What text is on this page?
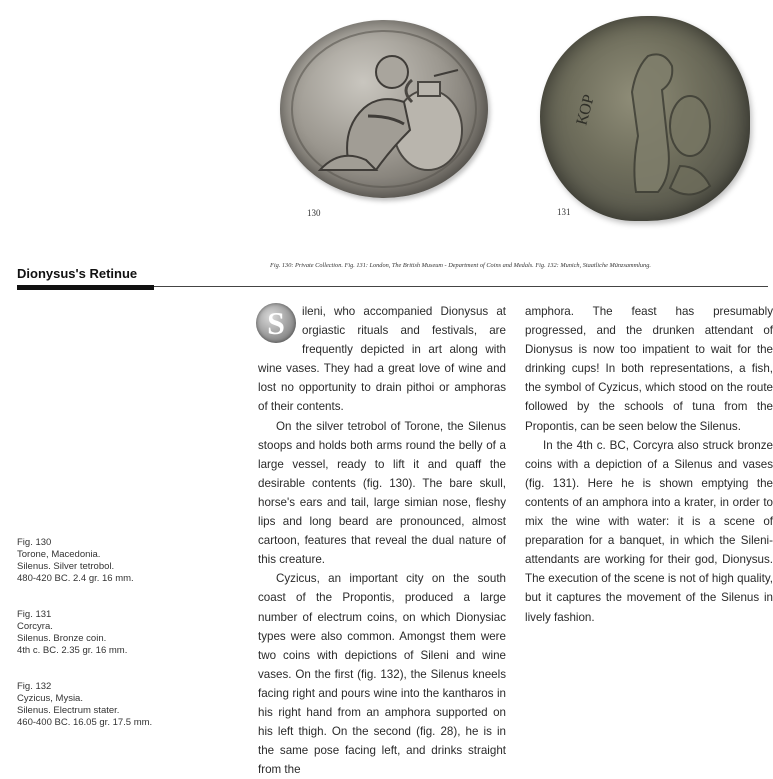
130
ΚΟΡ
131
Fig. 130: Private Collection. Fig. 131: London, The British Museum - Department of Coins and Medals. Fig. 132: Munich, Staatliche Münzsammlung.
Dionysus's Retinue
Fig. 130
Torone, Macedonia.
Silenus. Silver tetrobol.
480-420 BC. 2.4 gr. 16 mm.
Fig. 131
Corcyra.
Silenus. Bronze coin.
4th c. BC. 2.35 gr. 16 mm.
Fig. 132
Cyzicus, Mysia.
Silenus. Electrum stater.
460-400 BC. 16.05 gr. 17.5 mm.

S	ileni, who accompanied Dionysus at orgiastic rituals and festivals, are frequently depicted in art along with wine vases. They had a great love of wine and lost no opportunity to drain pithoi or amphoras of their contents.

On the silver tetrobol of Torone, the Silenus stoops and holds both arms round the belly of a large vessel, ready to lift it and quaff the desirable contents (fig. 130). The bare skull, horse's ears and tail, large simian nose, fleshy lips and long beard are pronounced, almost cartoon, features that reveal the dual nature of this creature.

Cyzicus, an important city on the south coast of the Propontis, produced a large number of electrum coins, on which Dionysiac types were also common. Amongst them were two coins with depictions of Sileni and wine vases. On the first (fig. 132), the Silenus kneels facing right and pours wine into the kantharos in his right hand from an amphora supported on his left thigh. On the second (fig. 28), he is in the same pose facing left, and drinks straight from the

amphora. The feast has presumably progressed, and the drunken attendant of Dionysus is now too impatient to wait for the drinking cups! In both representations, a fish, the symbol of Cyzicus, which stood on the route followed by the schools of tuna from the Propontis, can be seen below the Silenus.

In the 4th c. BC, Corcyra also struck bronze coins with a depiction of a Silenus and vases (fig. 131). Here he is shown emptying the contents of an amphora into a krater, in order to mix the wine with water: it is a scene of preparation for a banquet, in which the Sileni-attendants are working for their god, Dionysus. The execution of the scene is not of high quality, but it captures the movement of the Silenus in lively fashion.
